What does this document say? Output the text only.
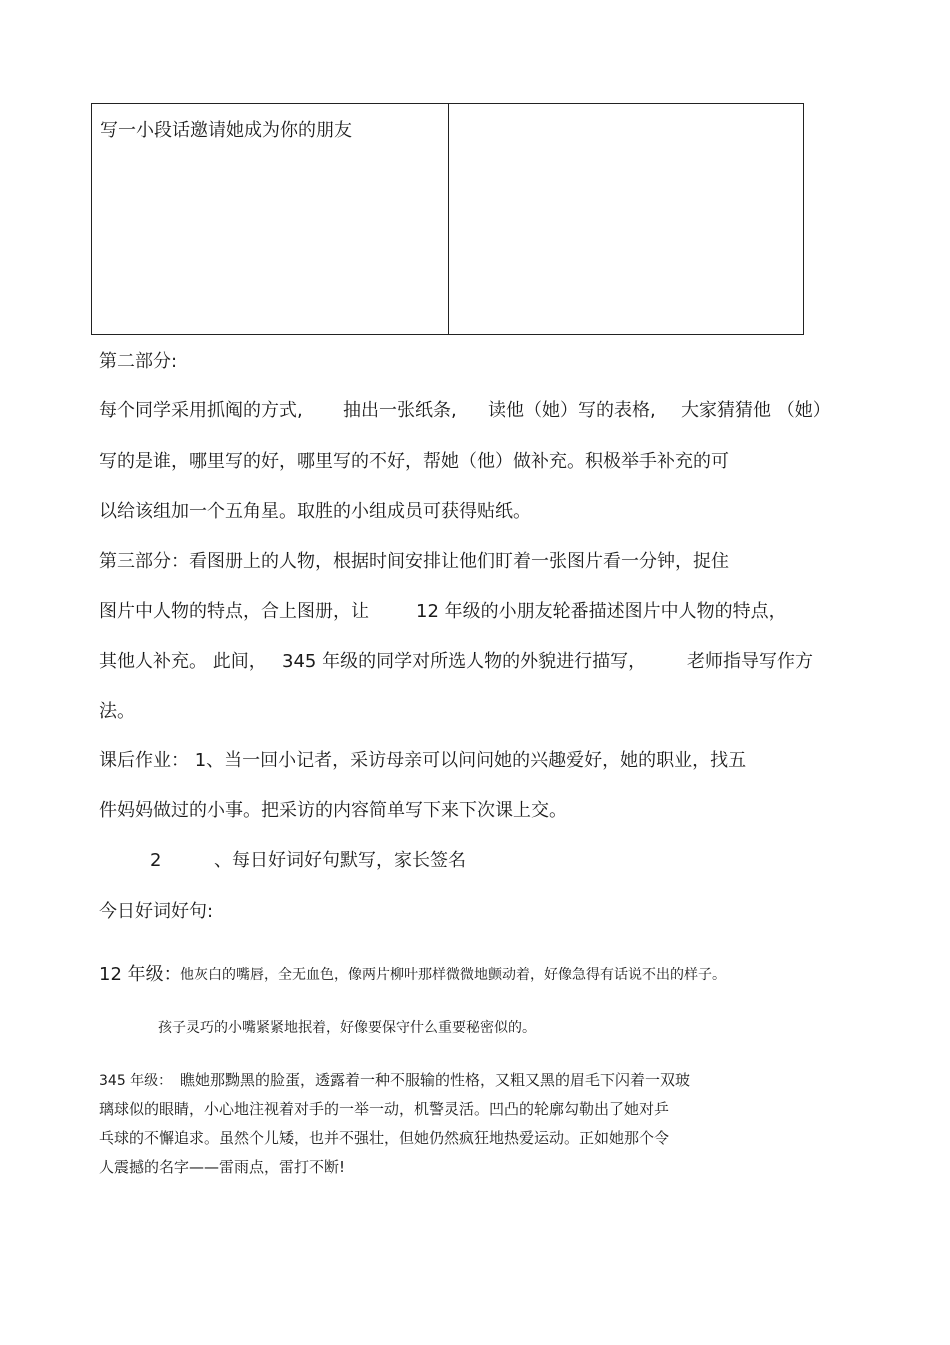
写一小段话邀请她成为你的朋友
第二部分:
每个同学采用抓阄的方式, 抽出一张纸条, 读他（她）写的表格, 大家猜猜他 （她）
写的是谁，哪里写的好，哪里写的不好，帮她（他）做补充。积极举手补充的可
以给该组加一个五角星。取胜的小组成员可获得贴纸。
第三部分：看图册上的人物，根据时间安排让他们盯着一张图片看一分钟，捉住
图片中人物的特点，合上图册，让	12 年级的小朋友轮番描述图片中人物的特点，
其他人补充。 此间， 345 年级的同学对所选人物的外貌进行描写， 老师指导写作方
法。
课后作业： 1、当一回小记者，采访母亲可以问问她的兴趣爱好，她的职业，找五
件妈妈做过的小事。把采访的内容简单写下来下次课上交。
2	、每日好词好句默写，家长签名
今日好词好句:
12 年级：
他灰白的嘴唇，全无血色，像两片柳叶那样微微地颤动着，好像急得有话说不出的样子。
孩子灵巧的小嘴紧紧地抿着，好像要保守什么重要秘密似的。
345 年级： 瞧她那黝黑的脸蛋，透露着一种不服输的性格，又粗又黑的眉毛下闪着一双玻
璃球似的眼睛，小心地注视着对手的一举一动，机警灵活。凹凸的轮廓勾勒出了她对乒
乓球的不懈追求。虽然个儿矮，也并不强壮，但她仍然疯狂地热爱运动。正如她那个令
人震撼的名字——雷雨点，雷打不断!
